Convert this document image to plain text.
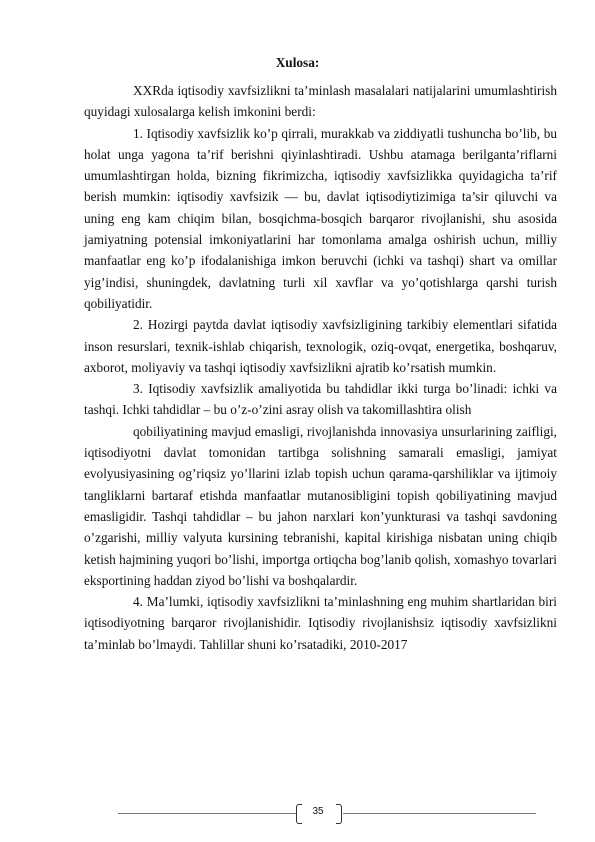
Xulosa:

XXRda iqtisodiy xavfsizlikni ta’minlash masalalari natijalarini umumlashtirish quyidagi xulosalarga kelish imkonini berdi:

1. Iqtisodiy xavfsizlik ko’p qirrali, murakkab va ziddiyatli tushuncha bo’lib, bu holat unga yagona ta’rif berishni qiyinlashtiradi. Ushbu atamaga berilganta’riflarni umumlashtirgan holda, bizning fikrimizcha, iqtisodiy xavfsizlikka quyidagicha ta’rif berish mumkin: iqtisodiy xavfsizik — bu, davlat iqtisodiytizimiga ta’sir qiluvchi va uning eng kam chiqim bilan, bosqichma-bosqich barqaror rivojlanishi, shu asosida jamiyatning potensial imkoniyatlarini har tomonlama amalga oshirish uchun, milliy manfaatlar eng ko’p ifodalanishiga imkon beruvchi (ichki va tashqi) shart va omillar yig’indisi, shuningdek, davlatning turli xil xavflar va yo’qotishlarga qarshi turish qobiliyatidir.

2. Hozirgi paytda davlat iqtisodiy xavfsizligining tarkibiy elementlari sifatida inson resurslari, texnik-ishlab chiqarish, texnologik, oziq-ovqat, energetika, boshqaruv, axborot, moliyaviy va tashqi iqtisodiy xavfsizlikni ajratib ko’rsatish mumkin.

3. Iqtisodiy xavfsizlik amaliyotida bu tahdidlar ikki turga bo’linadi: ichki va tashqi. Ichki tahdidlar – bu o’z-o’zini asray olish va takomillashtira olish

qobiliyatining mavjud emasligi, rivojlanishda innovasiya unsurlarining zaifligi, iqtisodiyotni davlat tomonidan tartibga solishning samarali emasligi, jamiyat evolyusiyasining og’riqsiz yo’llarini izlab topish uchun qarama-qarshiliklar va ijtimoiy tangliklarni bartaraf etishda manfaatlar mutanosibligini topish qobiliyatining mavjud emasligidir. Tashqi tahdidlar – bu jahon narxlari kon’yunkturasi va tashqi savdoning o’zgarishi, milliy valyuta kursining tebranishi, kapital kirishiga nisbatan uning chiqib ketish hajmining yuqori bo’lishi, importga ortiqcha bog’lanib qolish, xomashyo tovarlari eksportining haddan ziyod bo’lishi va boshqalardir.

4. Ma’lumki, iqtisodiy xavfsizlikni ta’minlashning eng muhim shartlaridan biri iqtisodiyotning barqaror rivojlanishidir. Iqtisodiy rivojlanishsiz iqtisodiy xavfsizlikni ta’minlab bo’lmaydi. Tahlillar shuni ko’rsatadiki, 2010-2017

35
